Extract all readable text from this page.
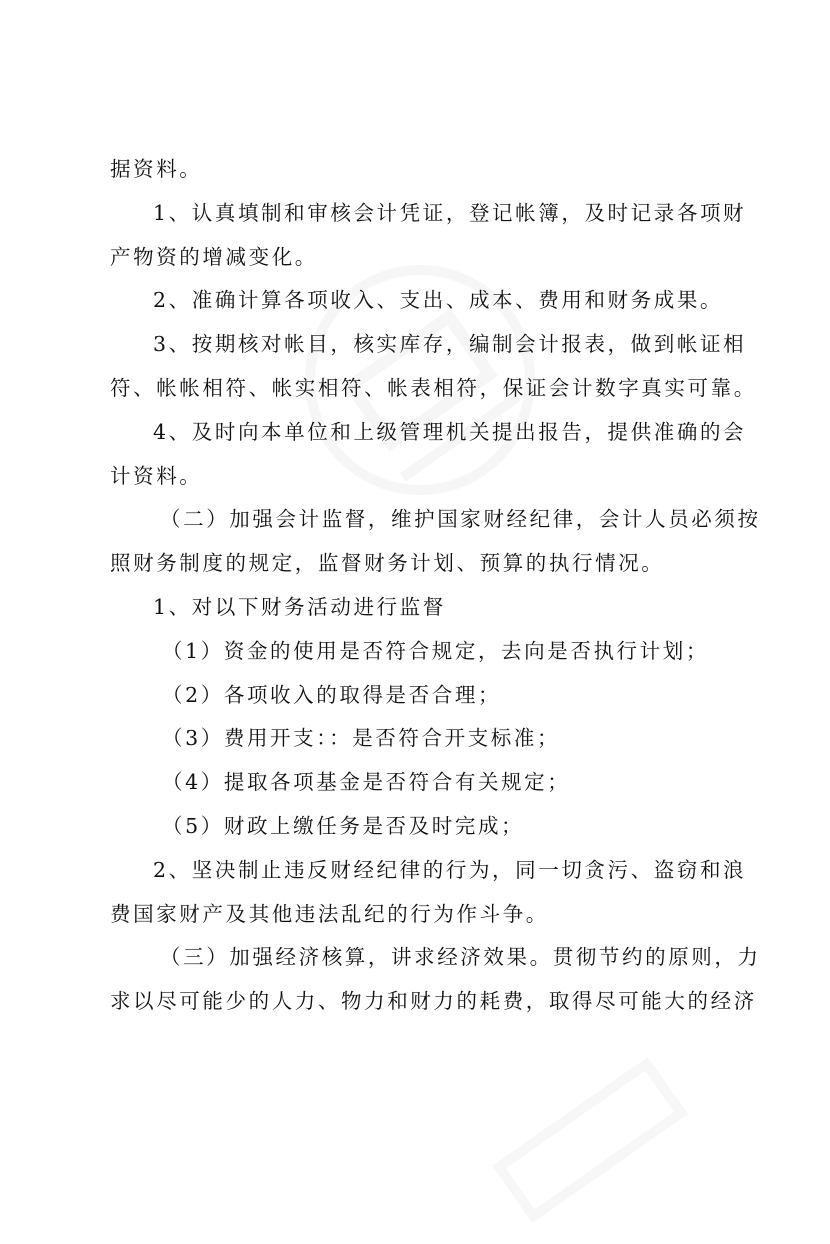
据资料。
1、认真填制和审核会计凭证，登记帐簿，及时记录各项财
产物资的增减变化。
2、准确计算各项收入、支出、成本、费用和财务成果。
3、按期核对帐目，核实库存，编制会计报表，做到帐证相
符、帐帐相符、帐实相符、帐表相符，保证会计数字真实可靠。
4、及时向本单位和上级管理机关提出报告，提供准确的会
计资料。
（二）加强会计监督，维护国家财经纪律，会计人员必须按
照财务制度的规定，监督财务计划、预算的执行情况。
1、对以下财务活动进行监督
（1）资金的使用是否符合规定，去向是否执行计划；
（2）各项收入的取得是否合理；
（3）费用开支：：是否符合开支标准；
（4）提取各项基金是否符合有关规定；
（5）财政上缴任务是否及时完成；
2、坚决制止违反财经纪律的行为，同一切贪污、盗窃和浪
费国家财产及其他违法乱纪的行为作斗争。
（三）加强经济核算，讲求经济效果。贯彻节约的原则，力
求以尽可能少的人力、物力和财力的耗费，取得尽可能大的经济
